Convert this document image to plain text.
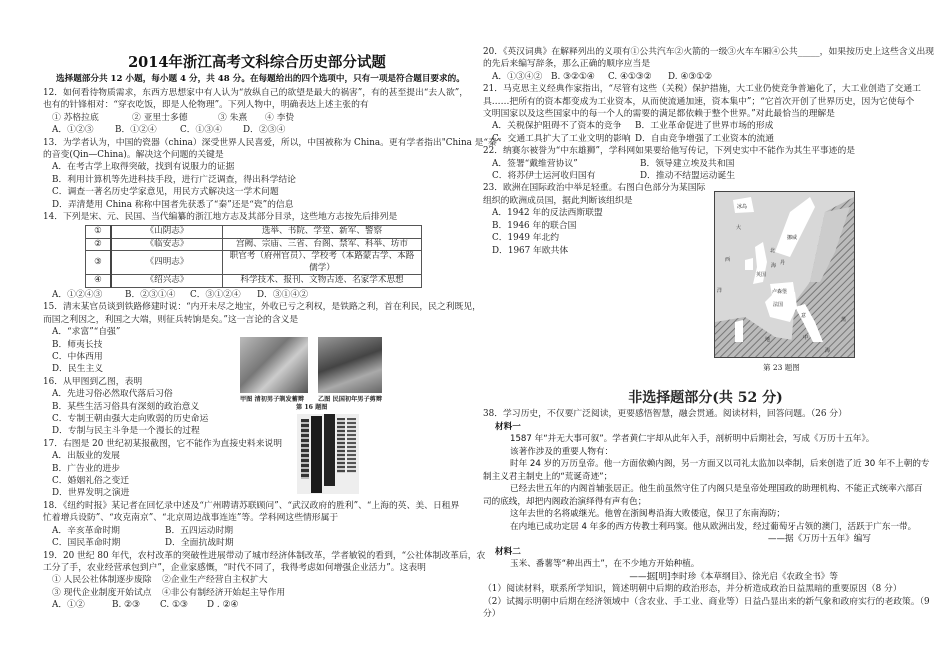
2014年浙江高考文科综合历史部分试题
选择题部分共 12 小题，每小题 4 分，共 48 分。在每题给出的四个选项中，只有一项是符合题目要求的。
12．如何看待物质需求，东西方思想家中有人认为“放纵自己的欲望是最大的祸害”，有的甚至提出“去人欲”，
也有的针锋相对：“穿衣吃饭，即是人伦物理”。下列人物中，明确表达上述主张的有
① 苏格拉底	② 亚里士多德	③ 朱熹 ④ 李贽
A．①②③ B．①②④	C．①③④ D．②③④
13．为学者认为，中国的瓷器（china）深受世界人民喜爱，所以，中国被称为 China。更有学者指出"China 是“秦”
的音变(Qin—China)。解决这个问题的关键是
A．在考古学上取得突破，找到有说服力的证据
B．利用计算机等先进科技手段，进行广泛调查，得出科学结论
C．调查一著名历史学家意见，用民方式解决这一学术问题
D．弄清楚用 China 称称中国者先获悉了“秦”还是“瓷”的信息
14．下列是宋、元、民国、当代编纂的浙江地方志及其部分目录，这些地方志按先后排列是
①	《山阴志》	选举、书院、学堂、新军、警察
②	《临安志》	宫阙、宗庙、三省、台阁、禁军、科举、坊市
③	《四明志》	职官考（府州官员）、学校考（本路蒙古学、本路儒学）
④	《绍兴志》	科学技术、报刊、文物古迹、名家学术思想
A．①②④③	B．②③①④ C．③①②④ D．③①④②
15．清末某官员谈到铁路修建时说：“内开未尽之地宝，外收已亏之利权，是铁路之利，首在利民，民之利既见，
而国之利因之，利国之大端，则征兵转饷是矣。”这一言论的含义是
A．“求富”“自强”
B．师夷长技
C．中体西用
D．民生主义
16．从甲图到乙图，表明
A．先进习俗必然取代落后习俗
B．某些生活习俗具有深刻的政治意义
C．专制王朝由强大走向败弱的历史命运
D．专制与民主斗争是一个漫长的过程
17．右图是 20 世纪初某报截图，它不能作为直接史料来说明
A．出版业的发展
B．广告业的进步
C．婚姻礼俗之变迁
D．世界发明之演进
18．《纽约时报》某记者在回忆录中述及“广州聘请苏联顾问”、“武汉政府的胜利”、“上海的英、美、日租界
忙着增兵设防”、“攻克南京”、“北京周边战事连连”等。学科网这些情形属于
A．辛亥革命时期	B．五四运动时期
C．国民革命时期	D．全面抗战时期
19．20 世纪 80 年代，农村改革的突破性进展带动了城市经济体制改革，学者敏锐的看到，“公社体制改革后，农
工分了手，农业经营承包到户”，企业家感慨，“时代不同了，我得考虑如何增强企业活力”。这表明
① 人民公社体制逐步废除 ②企业生产经营自主权扩大
③ 现代企业制度开始试点 ④非公有制经济开始起主导作用
A．①②	B. ②③ C. ①③ D . ②④
20．《英汉词典》在解释列出的义项有①公共汽车②火箭的一级③火车车厢④公共_____，如果按历史上这些含义出现
的先后来编写辞条，那么正确的顺序应当是
A．①③④② B. ③②①④ C. ④①③② D. ④③①②
21．马克思主义经典作家指出，“尽管有这些（关税）保护措施，大工业仍使竞争普遍化了，大工业创造了交通工
具……把所有的资本都变成为工业资本，从而使流通加速，资本集中”；“它首次开创了世界历史，因为它使每个
文明国家以及这些国家中的每一个人的需要的满足都依赖于整个世界。”对此最恰当的理解是
A．关税保护阻碍不了资本的竞争 B．工业革命促进了世界市场的形成
C．交通工具扩大了工业文明的影响 D．自由竞争增强了工业资本的流通
22．纳赛尔被誉为“中东雄狮”，学科网如果要给他写传记，下列史实中不能作为其生平事迹的是
A．签署“戴维营协议”	B．领导建立埃及共和国
C．将苏伊士运河收归国有	D．推动不结盟运动诞生
23．欧洲在国际政治中举足轻重。右图白色部分为某国际
组织的欧洲成员国，据此判断该组织是
A．1942 年的反法西斯联盟
B．1946 年的联合国
C．1949 年北约
D．1967 年欧共体
甲图 清初男子剃发蓄辫 乙图 民国初年男子剪辫
第 16 题图
冰岛
大
西
洋
挪威
北
海 丹
英国
法国
卢森堡
意
地	中
海
黑
第 23 题图
非选择题部分(共 52 分)
38．学习历史，不仅要广泛阅读，更要感悟智慧，融会贯通。阅读材料，回答问题。（26 分）
材料一
1587 年“并无大事可叙”。学者黄仁宇却从此年入手，剖析明中后期社会，写成《万历十五年》。
该著作涉及的重要人物有：
时年 24 岁的万历皇帝。他一方面依赖内阁，另一方面又以司礼太监加以牵制，后来创造了近 30 年不上朝的专
制主义君主制史上的“荒诞奇迹”；
已经去世五年的内阁首辅张居正。他生前虽然守住了内阁只是皇帝处理国政的助理机构、不能正式统率六部百
司的底线，却把内阁政治演绎得有声有色；
这年去世的名将戚继光。他曾在浙闽粤沿海大败倭寇，保卫了东南海防；
在内地已成功定居 4 年多的西方传教士利玛窦。他从欧洲出发，经过葡萄牙占领的澳门，活跃于广东一带。
——据《万历十五年》编写
材料二
玉米、番薯等“种出西土”，在不少地方开始种植。
——据[明]李时珍《本草纲目》、徐光启《农政全书》等
（1）阅读材料，联系所学知识，简述明朝中后期的政治形态，并分析造成政治日益黑暗的重要原因（8 分）
（2）试揭示明朝中后期在经济领域中（含农业、手工业、商业等）日益凸显出来的新气象和政府实行的老政策。（9
分）
